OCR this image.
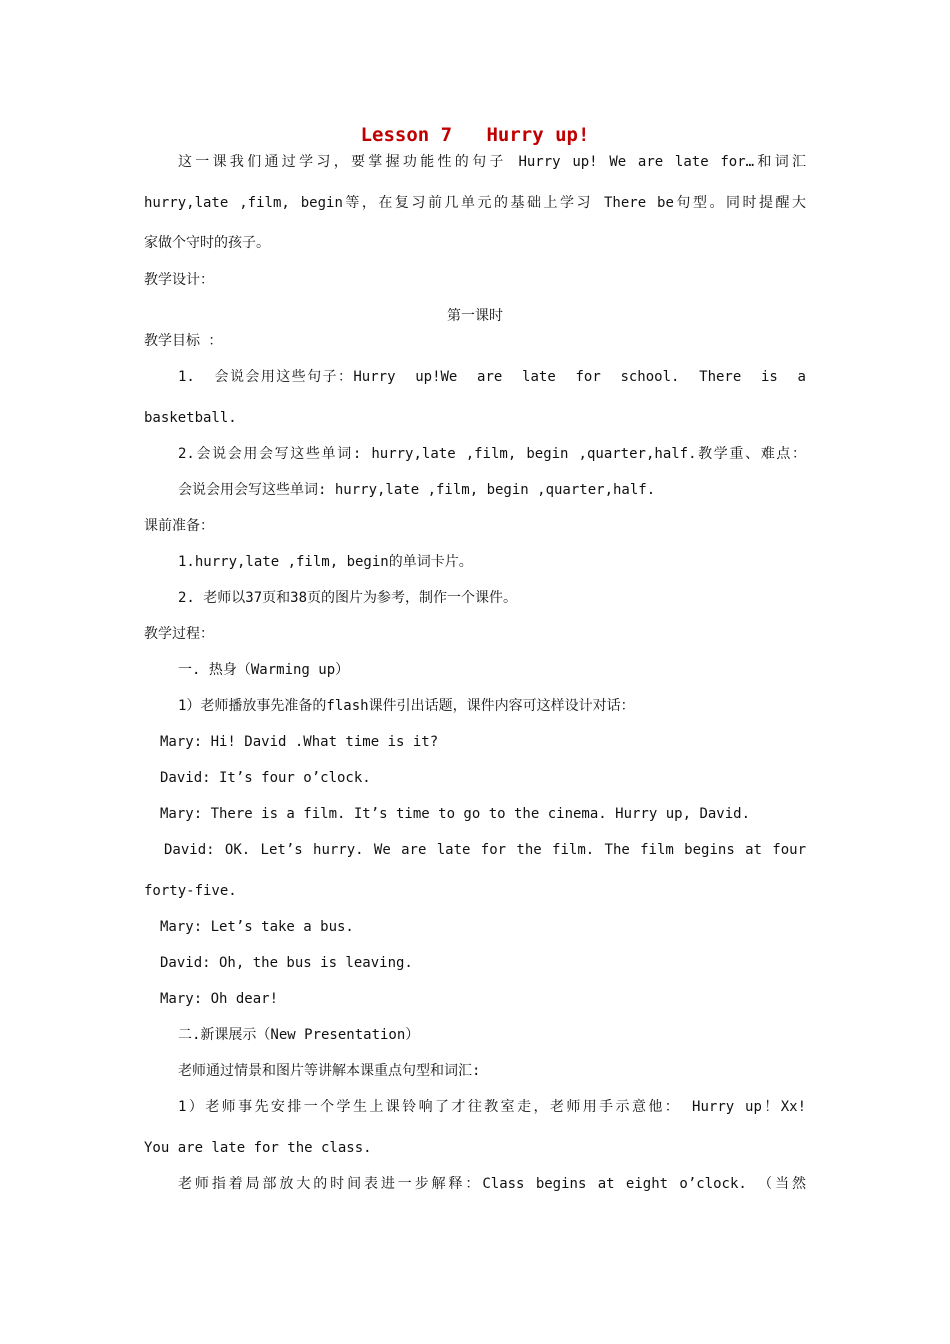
Lesson 7   Hurry up!
这一课我们通过学习，要掌握功能性的句子 Hurry up! We are late for…和词汇
hurry,late ,film, begin等，在复习前几单元的基础上学习 There be句型。同时提醒大
家做个守时的孩子。
教学设计：
第一课时
教学目标 ：
1.  会说会用这些句子：Hurry  up!We  are  late  for  school.  There  is  a
basketball.
2.会说会用会写这些单词: hurry,late ,film, begin ,quarter,half.教学重、难点：
会说会用会写这些单词: hurry,late ,film, begin ,quarter,half.
课前准备：
1.hurry,late ,film, begin的单词卡片。
2. 老师以37页和38页的图片为参考，制作一个课件。
教学过程：
一. 热身（Warming up）
1）老师播放事先准备的flash课件引出话题，课件内容可这样设计对话：
Mary: Hi! David .What time is it?
David: It’s four o’clock.
Mary: There is a film. It’s time to go to the cinema. Hurry up, David.
David: OK. Let’s hurry. We are late for the film. The film begins at four
forty-five.
Mary: Let’s take a bus.
David: Oh, the bus is leaving.
Mary: Oh dear!
二.新课展示（New Presentation）
老师通过情景和图片等讲解本课重点句型和词汇:
1）老师事先安排一个学生上课铃响了才往教室走，老师用手示意他： Hurry up！Xx!
You are late for the class.
老师指着局部放大的时间表进一步解释：Class begins at eight o’clock. （当然
